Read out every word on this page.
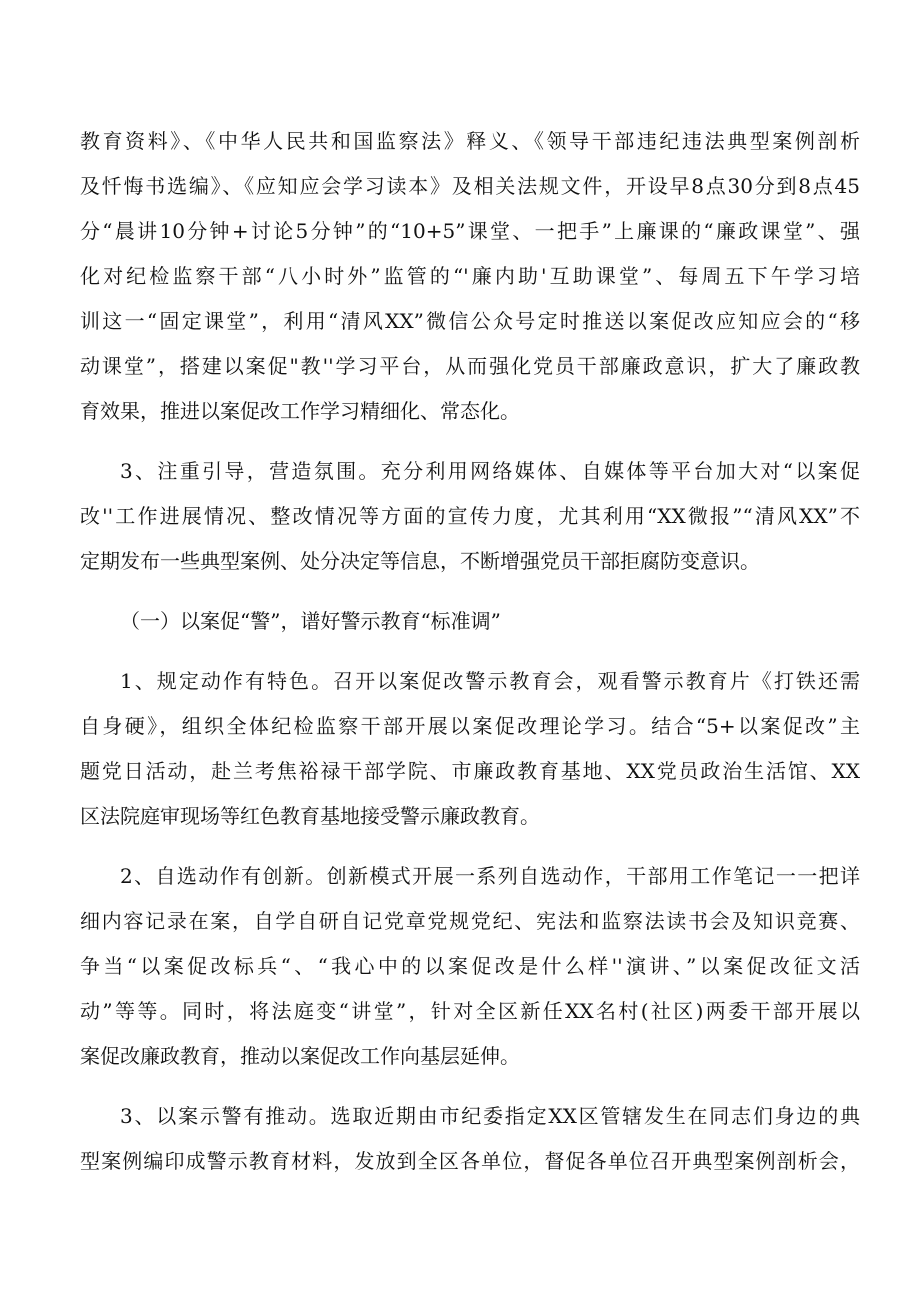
教育资料》、《中华人民共和国监察法》释义、《领导干部违纪违法典型案例剖析
及忏悔书选编》、《应知应会学习读本》及相关法规文件，开设早8点30分到8点45
分“晨讲10分钟+讨论5分钟”的“10+5”课堂、一把手”上廉课的“廉政课堂”、强
化对纪检监察干部“八小时外”监管的“'廉内助'互助课堂”、每周五下午学习培
训这一“固定课堂”，利用“清风XX”微信公众号定时推送以案促改应知应会的“移
动课堂”，搭建以案促"教''学习平台，从而强化党员干部廉政意识，扩大了廉政教
育效果，推进以案促改工作学习精细化、常态化。
3、注重引导，营造氛围。充分利用网络媒体、自媒体等平台加大对“以案促
改''工作进展情况、整改情况等方面的宣传力度，尤其利用“XX微报”“清风XX”不
定期发布一些典型案例、处分决定等信息，不断增强党员干部拒腐防变意识。
（一）以案促“警”，谱好警示教育“标准调”
1、规定动作有特色。召开以案促改警示教育会，观看警示教育片《打铁还需
自身硬》，组织全体纪检监察干部开展以案促改理论学习。结合“5+以案促改”主
题党日活动，赴兰考焦裕禄干部学院、市廉政教育基地、XX党员政治生活馆、XX
区法院庭审现场等红色教育基地接受警示廉政教育。
2、自选动作有创新。创新模式开展一系列自选动作，干部用工作笔记一一把详
细内容记录在案，自学自研自记党章党规党纪、宪法和监察法读书会及知识竞赛、
争当“以案促改标兵“、“我心中的以案促改是什么样''演讲、”以案促改征文活
动”等等。同时，将法庭变“讲堂”，针对全区新任XX名村(社区)两委干部开展以
案促改廉政教育，推动以案促改工作向基层延伸。
3、以案示警有推动。选取近期由市纪委指定XX区管辖发生在同志们身边的典
型案例编印成警示教育材料，发放到全区各单位，督促各单位召开典型案例剖析会，
